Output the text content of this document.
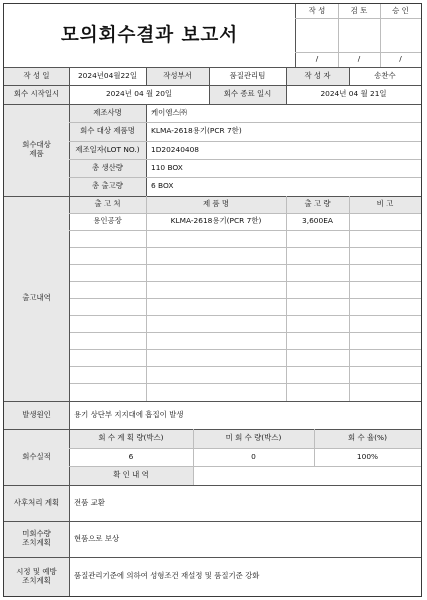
모의회수결과 보고서
작 성	검 토	승 인
/	/	/
작 성 일	2024년04월22일	작성부서	품질관리팀	작 성 자	송찬수
회수 시작일시	2024년 04 월 20일	회수 종료 일시	2024년 04 월 21일
회수대상
제품
제조사명	케이엠스㈜
회수 대상 제품명	KLMA-2618용기(PCR 7한)
제조일자(LOT NO.)	1D20240408
총 생산량	110 BOX
총 출고량	6 BOX
출고내역
출 고 처	제 품 명	출 고 량	비 고
용인공장	KLMA-2618용기(PCR 7한)	3,600EA
발생원인	용기 상단부 지지대에 흡집이 발생
회수실적
회 수 계 획 량(박스)	미 회 수 량(박스)	회 수 율(%)
6	0	100%
확 인 내 역
사후처리 계획	전품 교환
미회수량
조치계획	현품으로 보상
시정 및 예방
조치계획	품질관리기준에 의하여 성형조건 재설정 및 품질기준 강화
